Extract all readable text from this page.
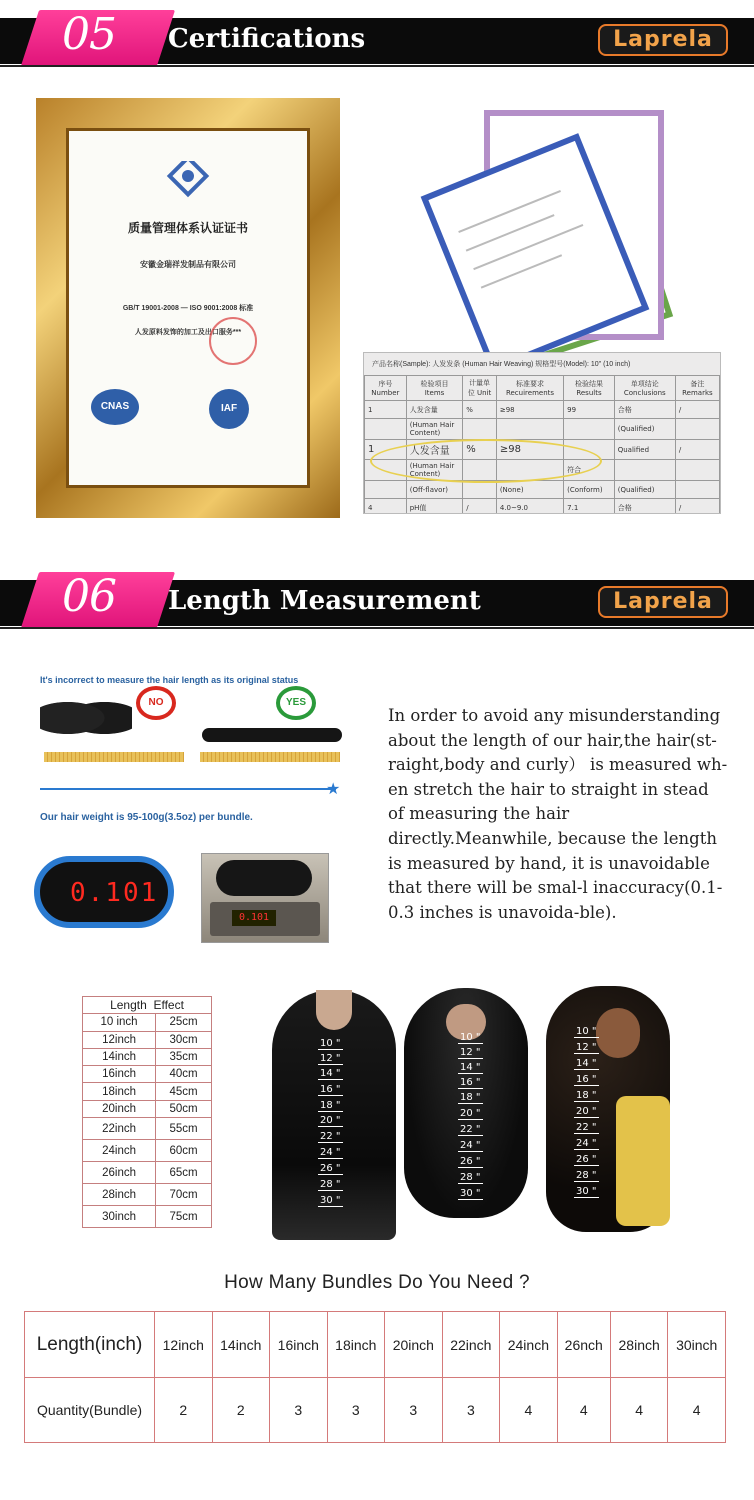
05 Certifications	Laprela
质量管理体系认证证书
安徽金瑞祥发制品有限公司
GB/T 19001-2008 — ISO 9001:2008 标准
人发原料发饰的加工及出口服务***
CNAS	IAF
产品名称(Sample): 人发发条 (Human Hair Weaving) 规格型号(Model): 10" (10 inch)
序号 Number	检验项目 Items	计量单位 Unit	标准要求 Recuirements	检验结果 Results	单项结论 Conclusions	备注 Remarks
1	人发含量	%	≥98	99	合格	/
	(Human Hair Content)				(Qualified)	
1	人发含量	%	≥98		Qualified	/
	(Human Hair Content)			符合		
	(Off-flavor)		(None)	(Conform)	(Qualified)	
4	pH值	/	4.0~9.0	7.1	合格	/
06 Length Measurement	Laprela
It's incorrect to measure the hair length as its original status
NO	YES
★
Our hair weight is 95-100g(3.5oz) per bundle.
0.101
0.101
In order to avoid any misunderstanding about the length of our hair,the hair(st-raight,body and curly） is measured wh-en stretch the hair to straight in stead of measuring the hair directly.Meanwhile, because the length is measured by hand, it is unavoidable that there will be smal-l inaccuracy(0.1-0.3 inches is unavoida-ble).
Length Effect	
10 inch	25cm
12inch	30cm
14inch	35cm
16inch	40cm
18inch	45cm
20inch	50cm
22inch	55cm
24inch	60cm
26inch	65cm
28inch	70cm
30inch	75cm
10 "
12 "
14 "
16 "
18 "
20 "
22 "
24 "
26 "
28 "
30 "
10 "
12 "
14 "
16 "
18 "
20 "
22 "
24 "
26 "
28 "
30 "
10 "
12 "
14 "
16 "
18 "
20 "
22 "
24 "
26 "
28 "
30 "
How Many Bundles Do You Need ?
Length(inch)	12inch	14inch	16inch	18inch	20inch	22inch	24inch	26nch	28inch	30inch
Quantity(Bundle)	2	2	3	3	3	3	4	4	4	4
